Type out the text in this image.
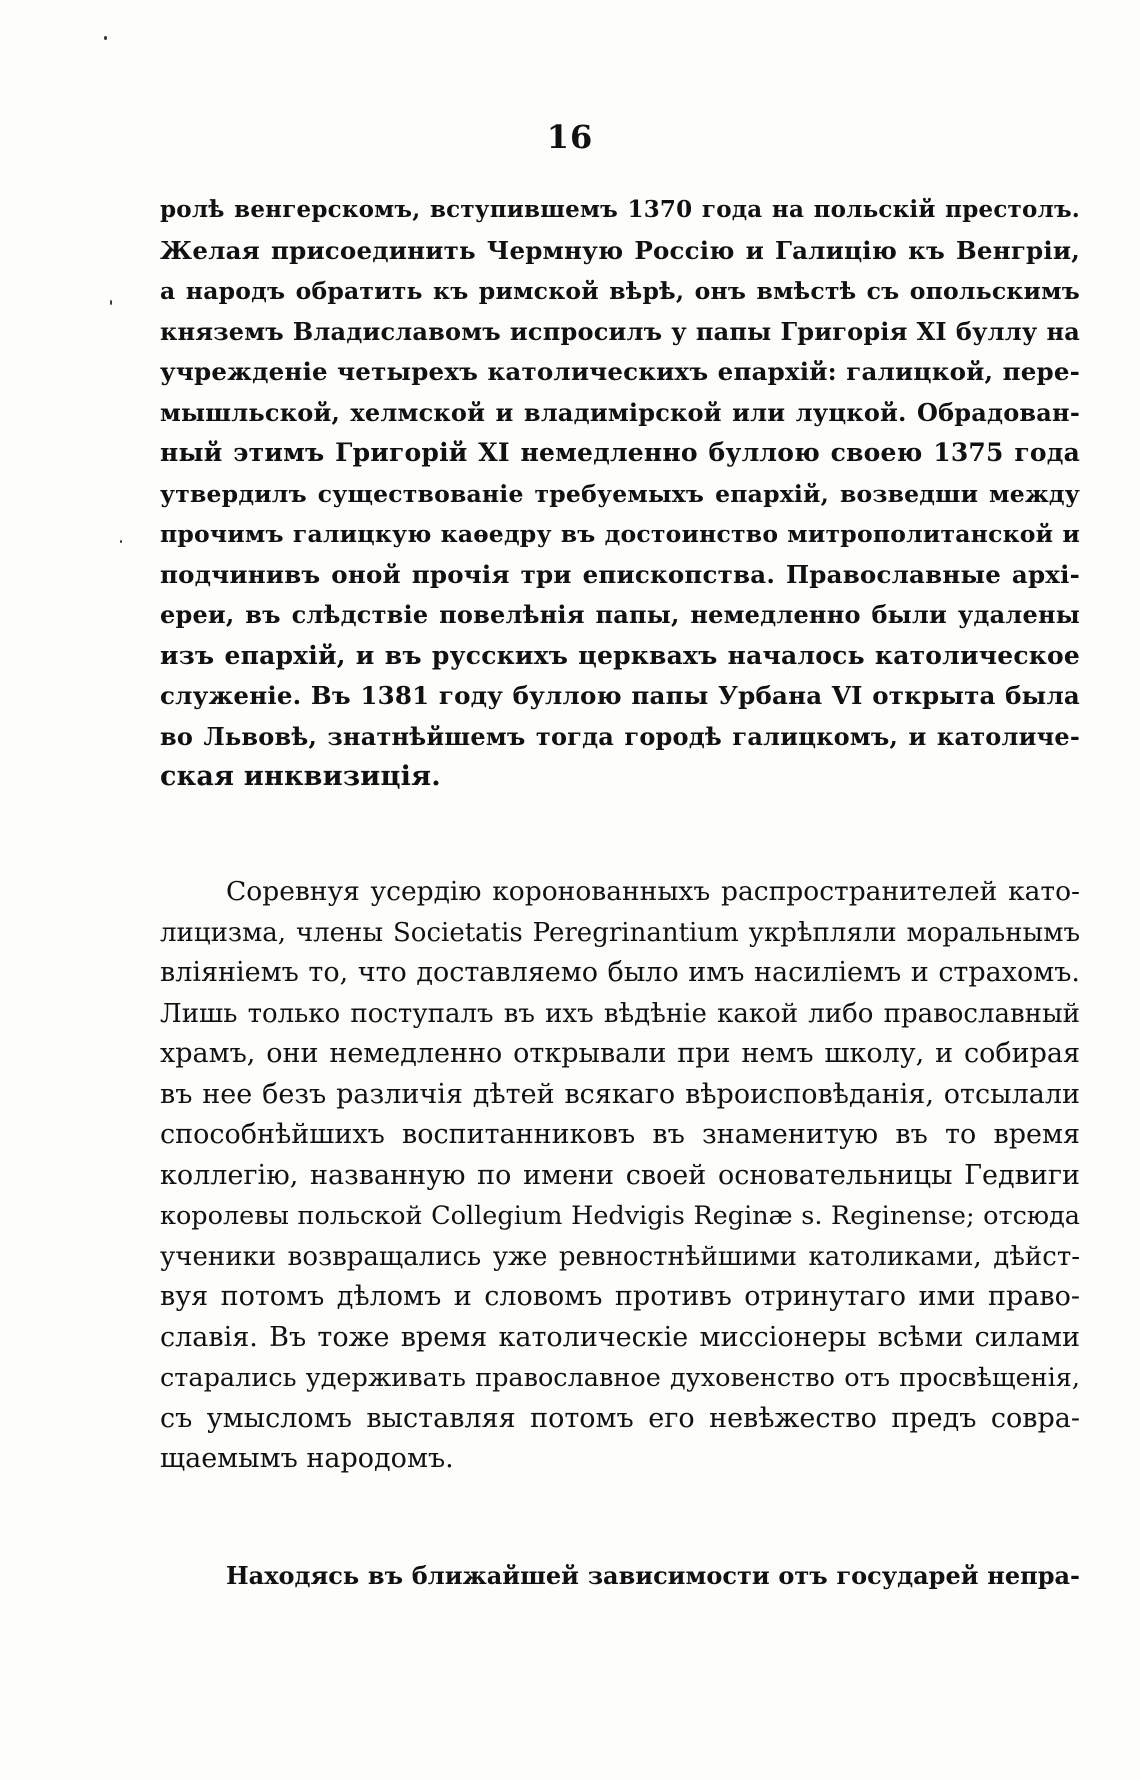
16
ролѣ венгерскомъ, вступившемъ 1370 года на польскій престолъ.
Желая присоединить Чермную Россію и Галицію къ Венгріи,
а народъ обратить къ римской вѣрѣ, онъ вмѣстѣ съ опольскимъ
княземъ Владиславомъ испросилъ у папы Григорія XI буллу на
учрежденіе четырехъ католическихъ епархій: галицкой, пере-
мышльской, хелмской и владимірской или луцкой. Обрадован-
ный этимъ Григорій XI немедленно буллою своею 1375 года
утвердилъ существованіе требуемыхъ епархій, возведши между
прочимъ галицкую каѳедру въ достоинство митрополитанской и
подчинивъ оной прочія три епископства. Православные архі-
ереи, въ слѣдствіе повелѣнія папы, немедленно были удалены
изъ епархій, и въ русскихъ церквахъ началось католическое
служеніе. Въ 1381 году буллою папы Урбана VI открыта была
во Львовѣ, знатнѣйшемъ тогда городѣ галицкомъ, и католиче-
ская инквизиція.
Соревнуя усердію коронованныхъ распространителей като-
лицизма, члены Societatis Peregrinantium укрѣпляли моральнымъ
вліяніемъ то, что доставляемо было имъ насиліемъ и страхомъ.
Лишь только поступалъ въ ихъ вѣдѣніе какой либо православный
храмъ, они немедленно открывали при немъ школу, и собирая
въ нее безъ различія дѣтей всякаго вѣроисповѣданія, отсылали
способнѣйшихъ воспитанниковъ въ знаменитую въ то время
коллегію, названную по имени своей основательницы Гедвиги
королевы польской Collegium Hedvigis Reginæ s. Reginense; отсюда
ученики возвращались уже ревностнѣйшими католиками, дѣйст-
вуя потомъ дѣломъ и словомъ противъ отринутаго ими право-
славія. Въ тоже время католическіе миссіонеры всѣми силами
старались удерживать православное духовенство отъ просвѣщенія,
съ умысломъ выставляя потомъ его невѣжество предъ совра-
щаемымъ народомъ.
Находясь въ ближайшей зависимости отъ государей непра-
